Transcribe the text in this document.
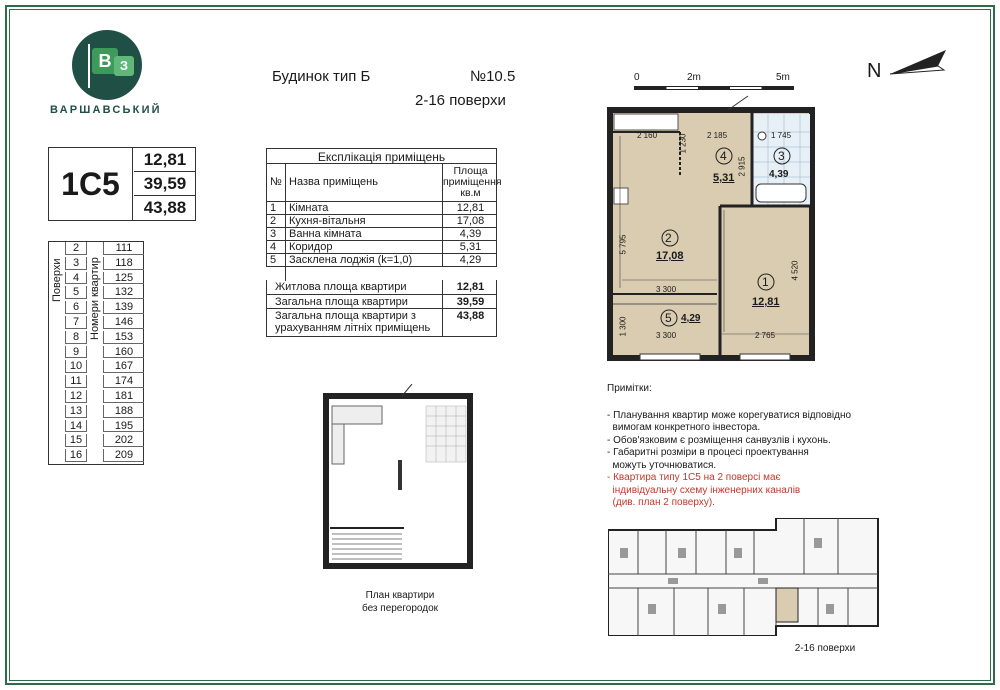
В З
ВАРШАВСЬКИЙ
1С5
12,81
39,59
43,88
Поверхи Номери квартир
2	111
3	118
4	125
5	132
6	139
7	146
8	153
9	160
10	167
11	174
12	181
13	188
14	195
15	202
16	209
Будинок тип Б	№10.5
2-16 поверхи
Експлікація приміщень
№ Назва приміщень
Площа приміщення кв.м
1 Кімната	12,81
2 Кухня-вітальня	17,08
3 Ванна кімната	4,39
4 Коридор	5,31
5 Засклена лоджія (k=1,0)	4,29
Житлова площа квартири	12,81
Загальна площа квартири	39,59
Загальна площа квартири з урахуванням літніх приміщень
43,88
0	2m	5m	N
2
17,08
1
12,81
3
4,39
4
5,31
5 4,29
2 160	2 185	1 745
3 300
3 300	2 765
5 795
4 520
2 915
1 300
1 230
План квартири
без перегородок
Примітки:
- Планування квартир може корегуватися відповідно
вимогам конкретного інвестора.
- Обов'язковим є розміщення санвузлів і кухонь.
- Габаритні розміри в процесі проектування
можуть уточнюватися.
- Квартира типу 1С5 на 2 поверсі має
індивідуальну схему інженерних каналів
(див. план 2 поверху).
2-16 поверхи
